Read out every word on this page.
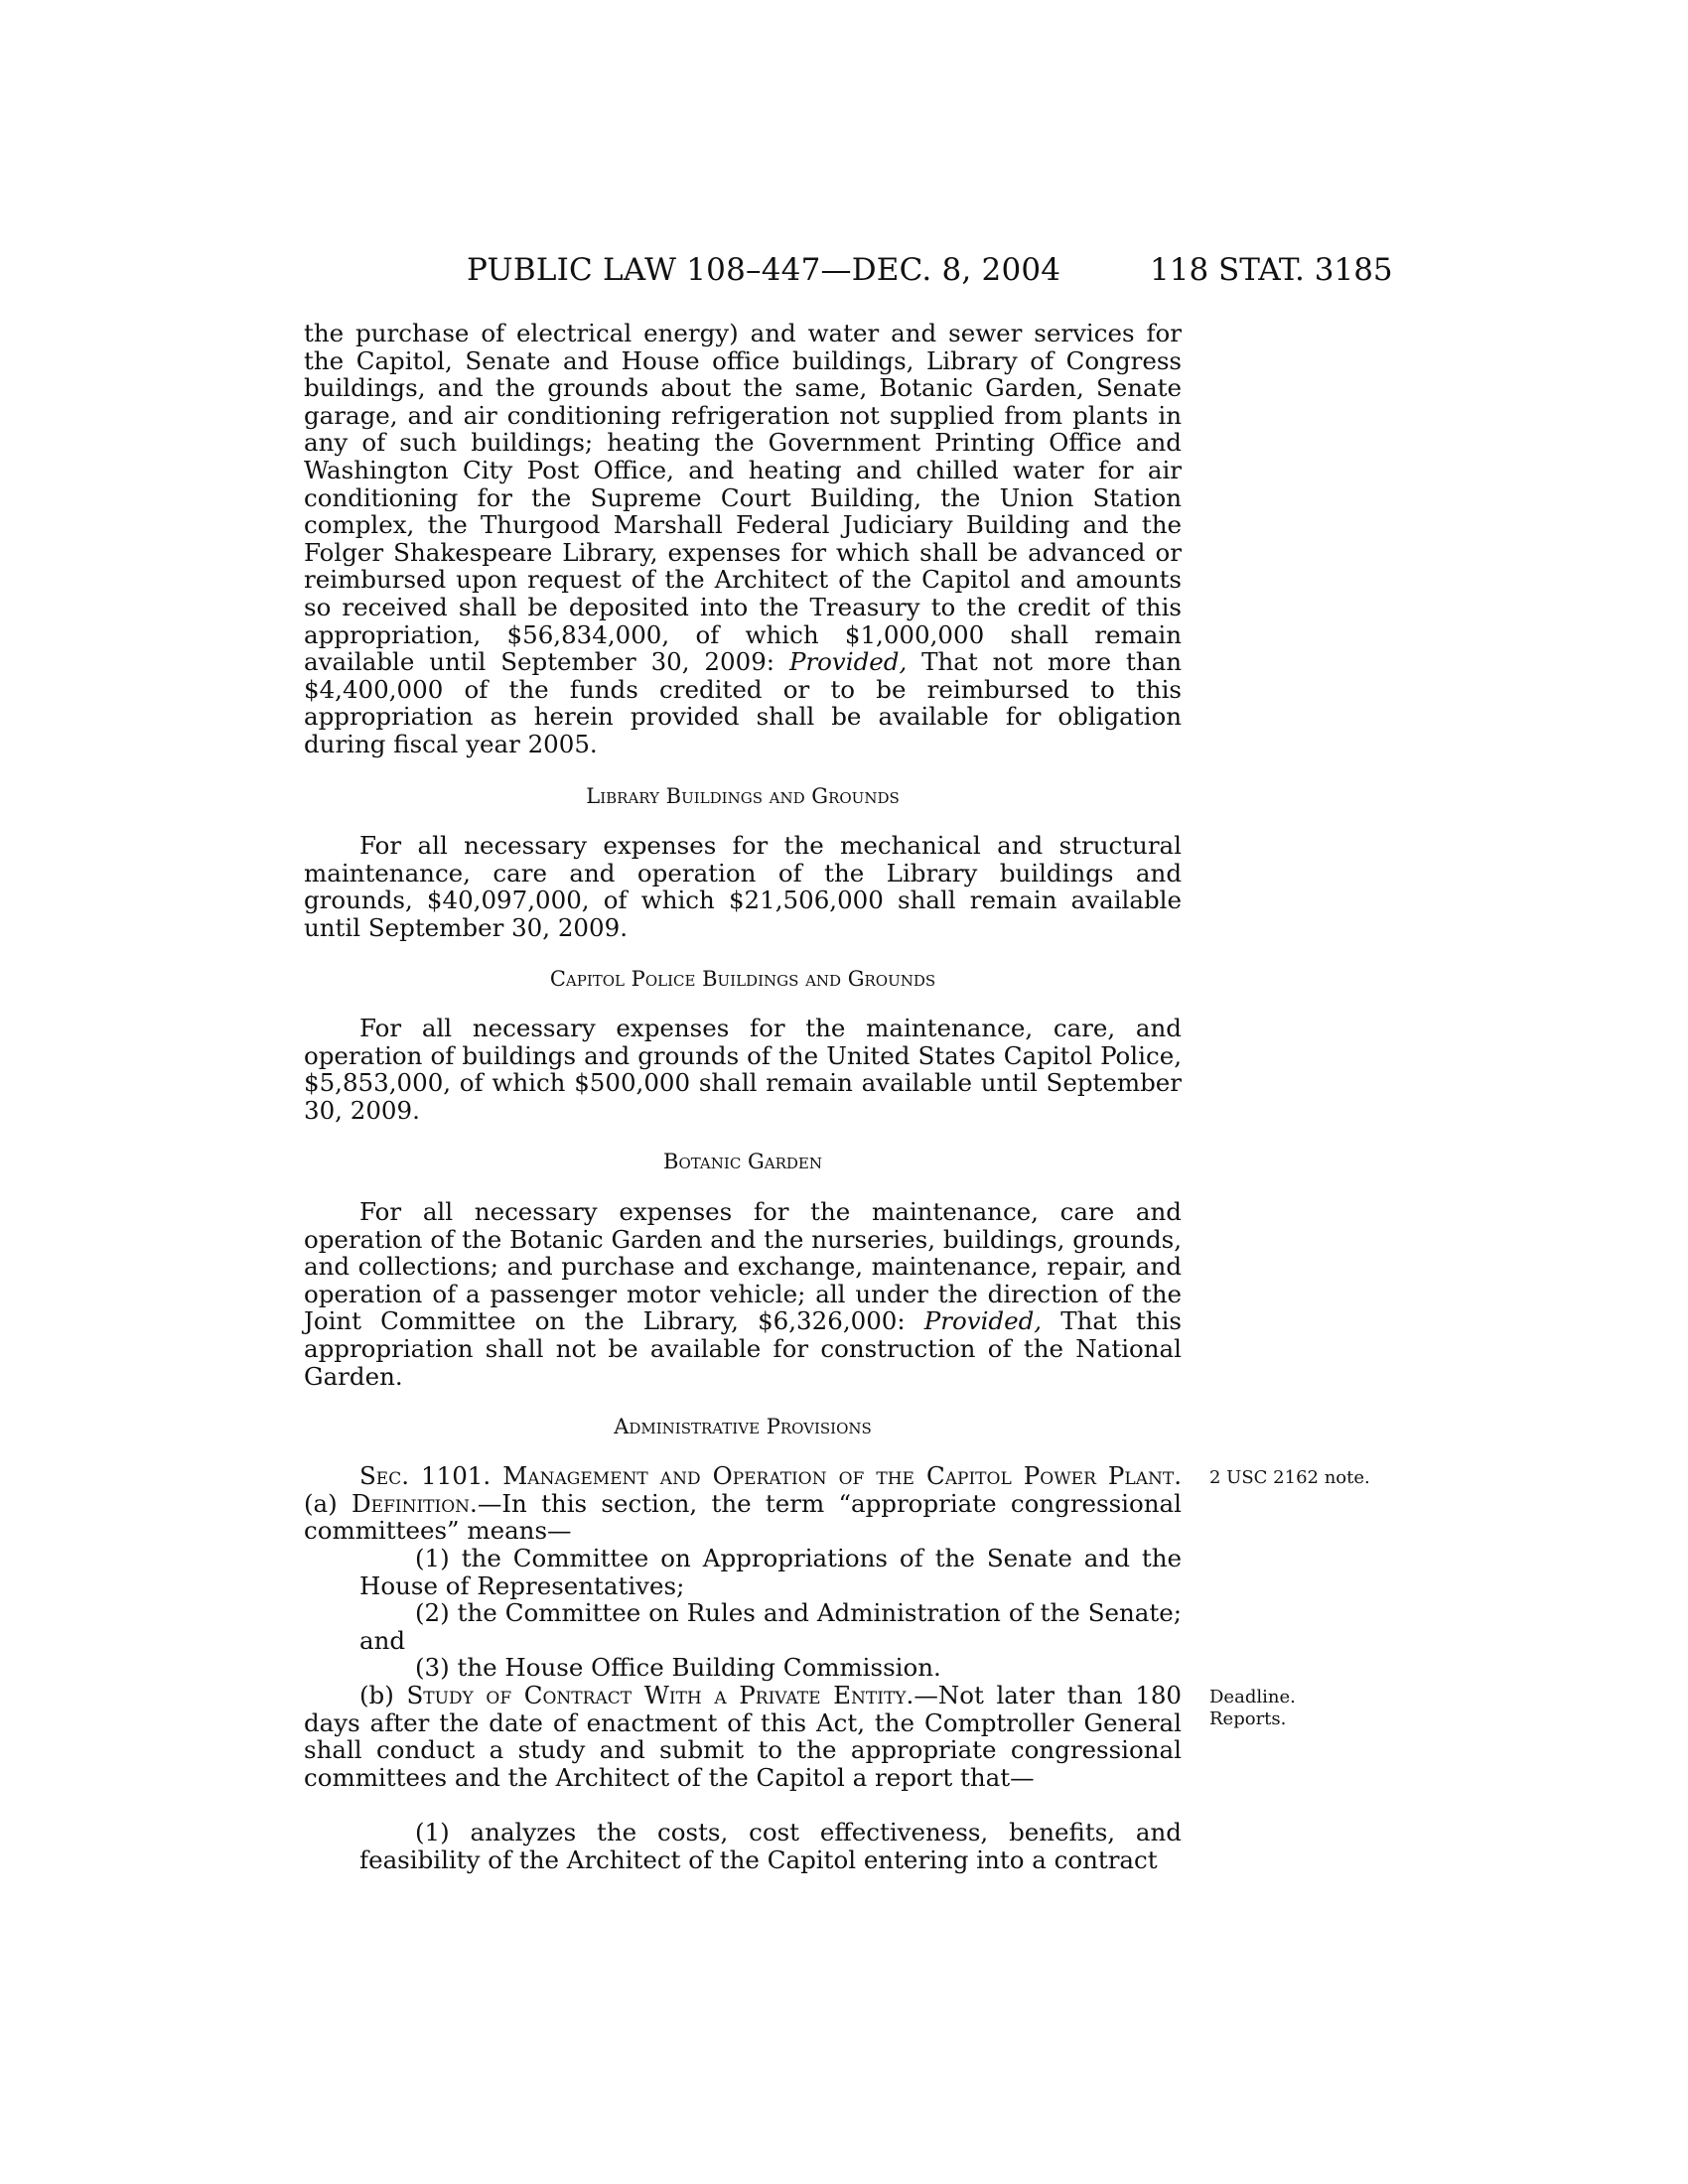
PUBLIC LAW 108–447—DEC. 8, 2004	118 STAT. 3185

the purchase of electrical energy) and water and sewer services for the Capitol, Senate and House office buildings, Library of Congress buildings, and the grounds about the same, Botanic Garden, Senate garage, and air conditioning refrigeration not supplied from plants in any of such buildings; heating the Government Printing Office and Washington City Post Office, and heating and chilled water for air conditioning for the Supreme Court Building, the Union Station complex, the Thurgood Marshall Federal Judiciary Building and the Folger Shakespeare Library, expenses for which shall be advanced or reimbursed upon request of the Architect of the Capitol and amounts so received shall be deposited into the Treasury to the credit of this appropriation, $56,834,000, of which $1,000,000 shall remain available until September 30, 2009: Provided, That not more than $4,400,000 of the funds credited or to be reimbursed to this appropriation as herein provided shall be available for obligation during fiscal year 2005.

Library Buildings and Grounds

For all necessary expenses for the mechanical and structural maintenance, care and operation of the Library buildings and grounds, $40,097,000, of which $21,506,000 shall remain available until September 30, 2009.

Capitol Police Buildings and Grounds

For all necessary expenses for the maintenance, care, and operation of buildings and grounds of the United States Capitol Police, $5,853,000, of which $500,000 shall remain available until September 30, 2009.

Botanic Garden

For all necessary expenses for the maintenance, care and operation of the Botanic Garden and the nurseries, buildings, grounds, and collections; and purchase and exchange, maintenance, repair, and operation of a passenger motor vehicle; all under the direction of the Joint Committee on the Library, $6,326,000: Provided, That this appropriation shall not be available for construction of the National Garden.

Administrative Provisions

Sec. 1101. Management and Operation of the Capitol Power Plant. (a) Definition.—In this section, the term “appropriate congressional committees” means—

(1) the Committee on Appropriations of the Senate and the House of Representatives;

(2) the Committee on Rules and Administration of the Senate; and

(3) the House Office Building Commission.

(b) Study of Contract With a Private Entity.—Not later than 180 days after the date of enactment of this Act, the Comptroller General shall conduct a study and submit to the appropriate congressional committees and the Architect of the Capitol a report that—

(1) analyzes the costs, cost effectiveness, benefits, and feasibility of the Architect of the Capitol entering into a contract

2 USC 2162 note.
Deadline.
Reports.
